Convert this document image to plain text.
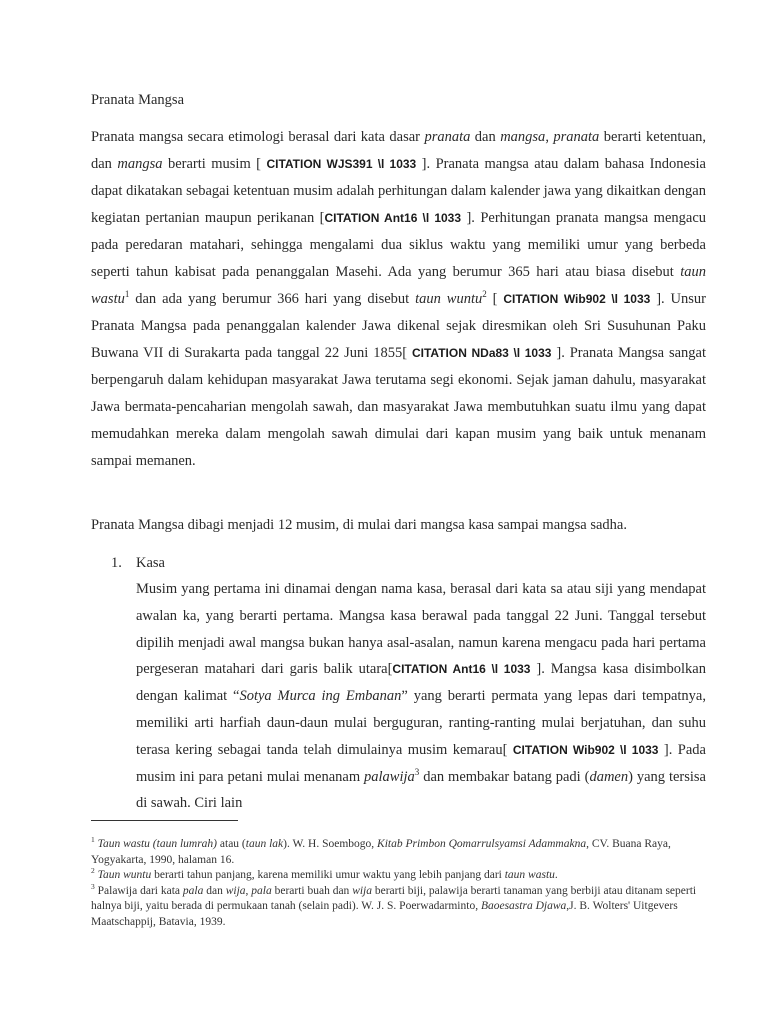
Pranata Mangsa
Pranata mangsa secara etimologi berasal dari kata dasar pranata dan mangsa, pranata berarti ketentuan, dan mangsa berarti musim [ CITATION WJS391 \l 1033 ]. Pranata mangsa atau dalam bahasa Indonesia dapat dikatakan sebagai ketentuan musim adalah perhitungan dalam kalender jawa yang dikaitkan dengan kegiatan pertanian maupun perikanan [CITATION Ant16 \l 1033 ]. Perhitungan pranata mangsa mengacu pada peredaran matahari, sehingga mengalami dua siklus waktu yang memiliki umur yang berbeda seperti tahun kabisat pada penanggalan Masehi. Ada yang berumur 365 hari atau biasa disebut taun wastu$^1$ dan ada yang berumur 366 hari yang disebut taun wuntu$^2$ [ CITATION Wib902 \l 1033 ]. Unsur Pranata Mangsa pada penanggalan kalender Jawa dikenal sejak diresmikan oleh Sri Susuhunan Paku Buwana VII di Surakarta pada tanggal 22 Juni 1855[ CITATION NDa83 \l 1033 ]. Pranata Mangsa sangat berpengaruh dalam kehidupan masyarakat Jawa terutama segi ekonomi. Sejak jaman dahulu, masyarakat Jawa bermata-pencaharian mengolah sawah, dan masyarakat Jawa membutuhkan suatu ilmu yang dapat memudahkan mereka dalam mengolah sawah dimulai dari kapan musim yang baik untuk menanam sampai memanen.
Pranata Mangsa dibagi menjadi 12 musim, di mulai dari mangsa kasa sampai mangsa sadha.
1. Kasa
Musim yang pertama ini dinamai dengan nama kasa, berasal dari kata sa atau siji yang mendapat awalan ka, yang berarti pertama. Mangsa kasa berawal pada tanggal 22 Juni. Tanggal tersebut dipilih menjadi awal mangsa bukan hanya asal-asalan, namun karena mengacu pada hari pertama pergeseran matahari dari garis balik utara[CITATION Ant16 \l 1033 ]. Mangsa kasa disimbolkan dengan kalimat “Sotya Murca ing Embanan” yang berarti permata yang lepas dari tempatnya, memiliki arti harfiah daun-daun mulai berguguran, ranting-ranting mulai berjatuhan, dan suhu terasa kering sebagai tanda telah dimulainya musim kemarau[ CITATION Wib902 \l 1033 ]. Pada musim ini para petani mulai menanam palawija$^3$ dan membakar batang padi (damen) yang tersisa di sawah. Ciri lain

$^1$ Taun wastu (taun lumrah) atau (taun lak). W. H. Soembogo, Kitab Primbon Qomarrulsyamsi Adammakna, CV. Buana Raya, Yogyakarta, 1990, halaman 16.

$^2$ Taun wuntu berarti tahun panjang, karena memiliki umur waktu yang lebih panjang dari taun wastu.

$^3$ Palawija dari kata pala dan wija, pala berarti buah dan wija berarti biji, palawija berarti tanaman yang berbiji atau ditanam seperti halnya biji, yaitu berada di permukaan tanah (selain padi). W. J. S. Poerwadarminto, Baoesastra Djawa,J. B. Wolters' Uitgevers Maatschappij, Batavia, 1939.
